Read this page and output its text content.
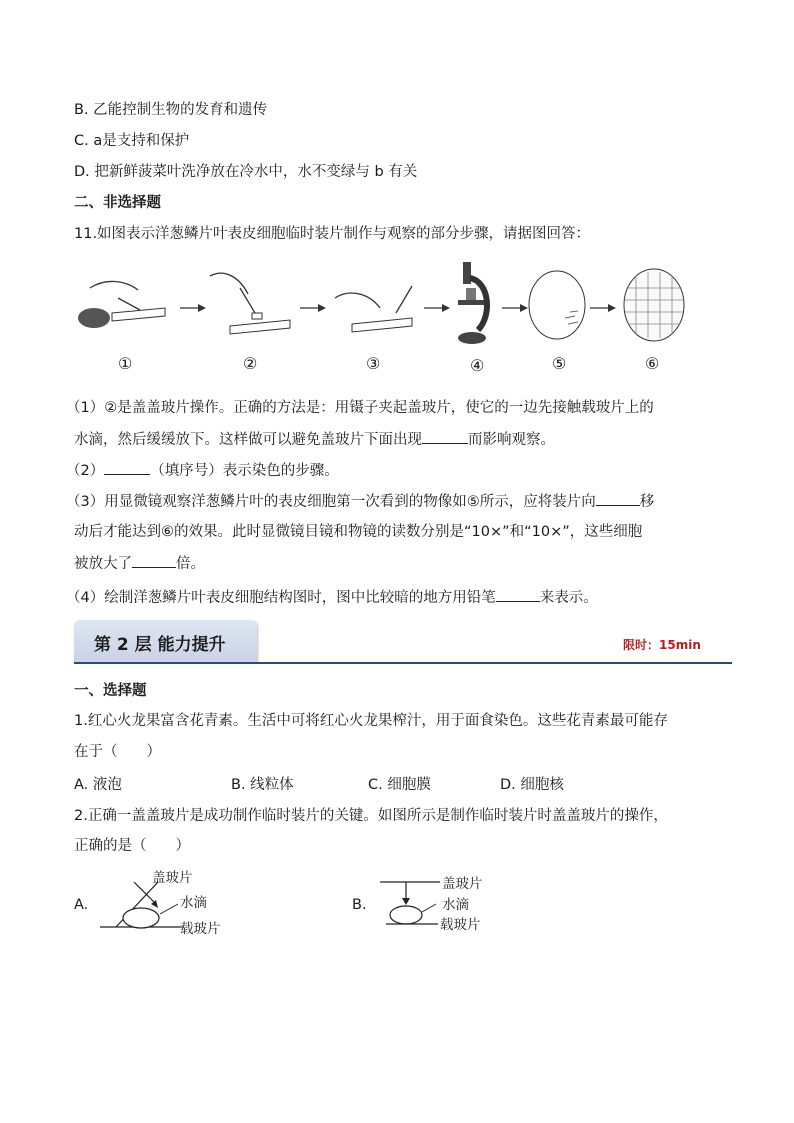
B. 乙能控制生物的发育和遗传
C. a是支持和保护
D. 把新鲜菠菜叶洗净放在冷水中，水不变绿与 b 有关
二、非选择题
11.如图表示洋葱鳞片叶表皮细胞临时装片制作与观察的部分步骤，请据图回答：
①	②	③	④	⑤	⑥
（1）②是盖盖玻片操作。正确的方法是：用镊子夹起盖玻片，使它的一边先接触载玻片上的
水滴，然后缓缓放下。这样做可以避免盖玻片下面出现	而影响观察。
（2）	（填序号）表示染色的步骤。
（3）用显微镜观察洋葱鳞片叶的表皮细胞第一次看到的物像如⑤所示，应将装片向	移
动后才能达到⑥的效果。此时显微镜目镜和物镜的读数分别是“10×”和“10×”，这些细胞
被放大了	倍。
（4）绘制洋葱鳞片叶表皮细胞结构图时，图中比较暗的地方用铅笔	来表示。
第 2 层 能力提升	限时：15min
一、选择题
1.红心火龙果富含花青素。生活中可将红心火龙果榨汁，用于面食染色。这些花青素最可能存
在于（　　）
A. 液泡	B. 线粒体	C. 细胞膜	D. 细胞核
2.正确一盖盖玻片是成功制作临时装片的关键。如图所示是制作临时装片时盖盖玻片的操作，
正确的是（　　）
A.
盖玻片
水滴
载玻片
B.
盖玻片
水滴
载玻片
